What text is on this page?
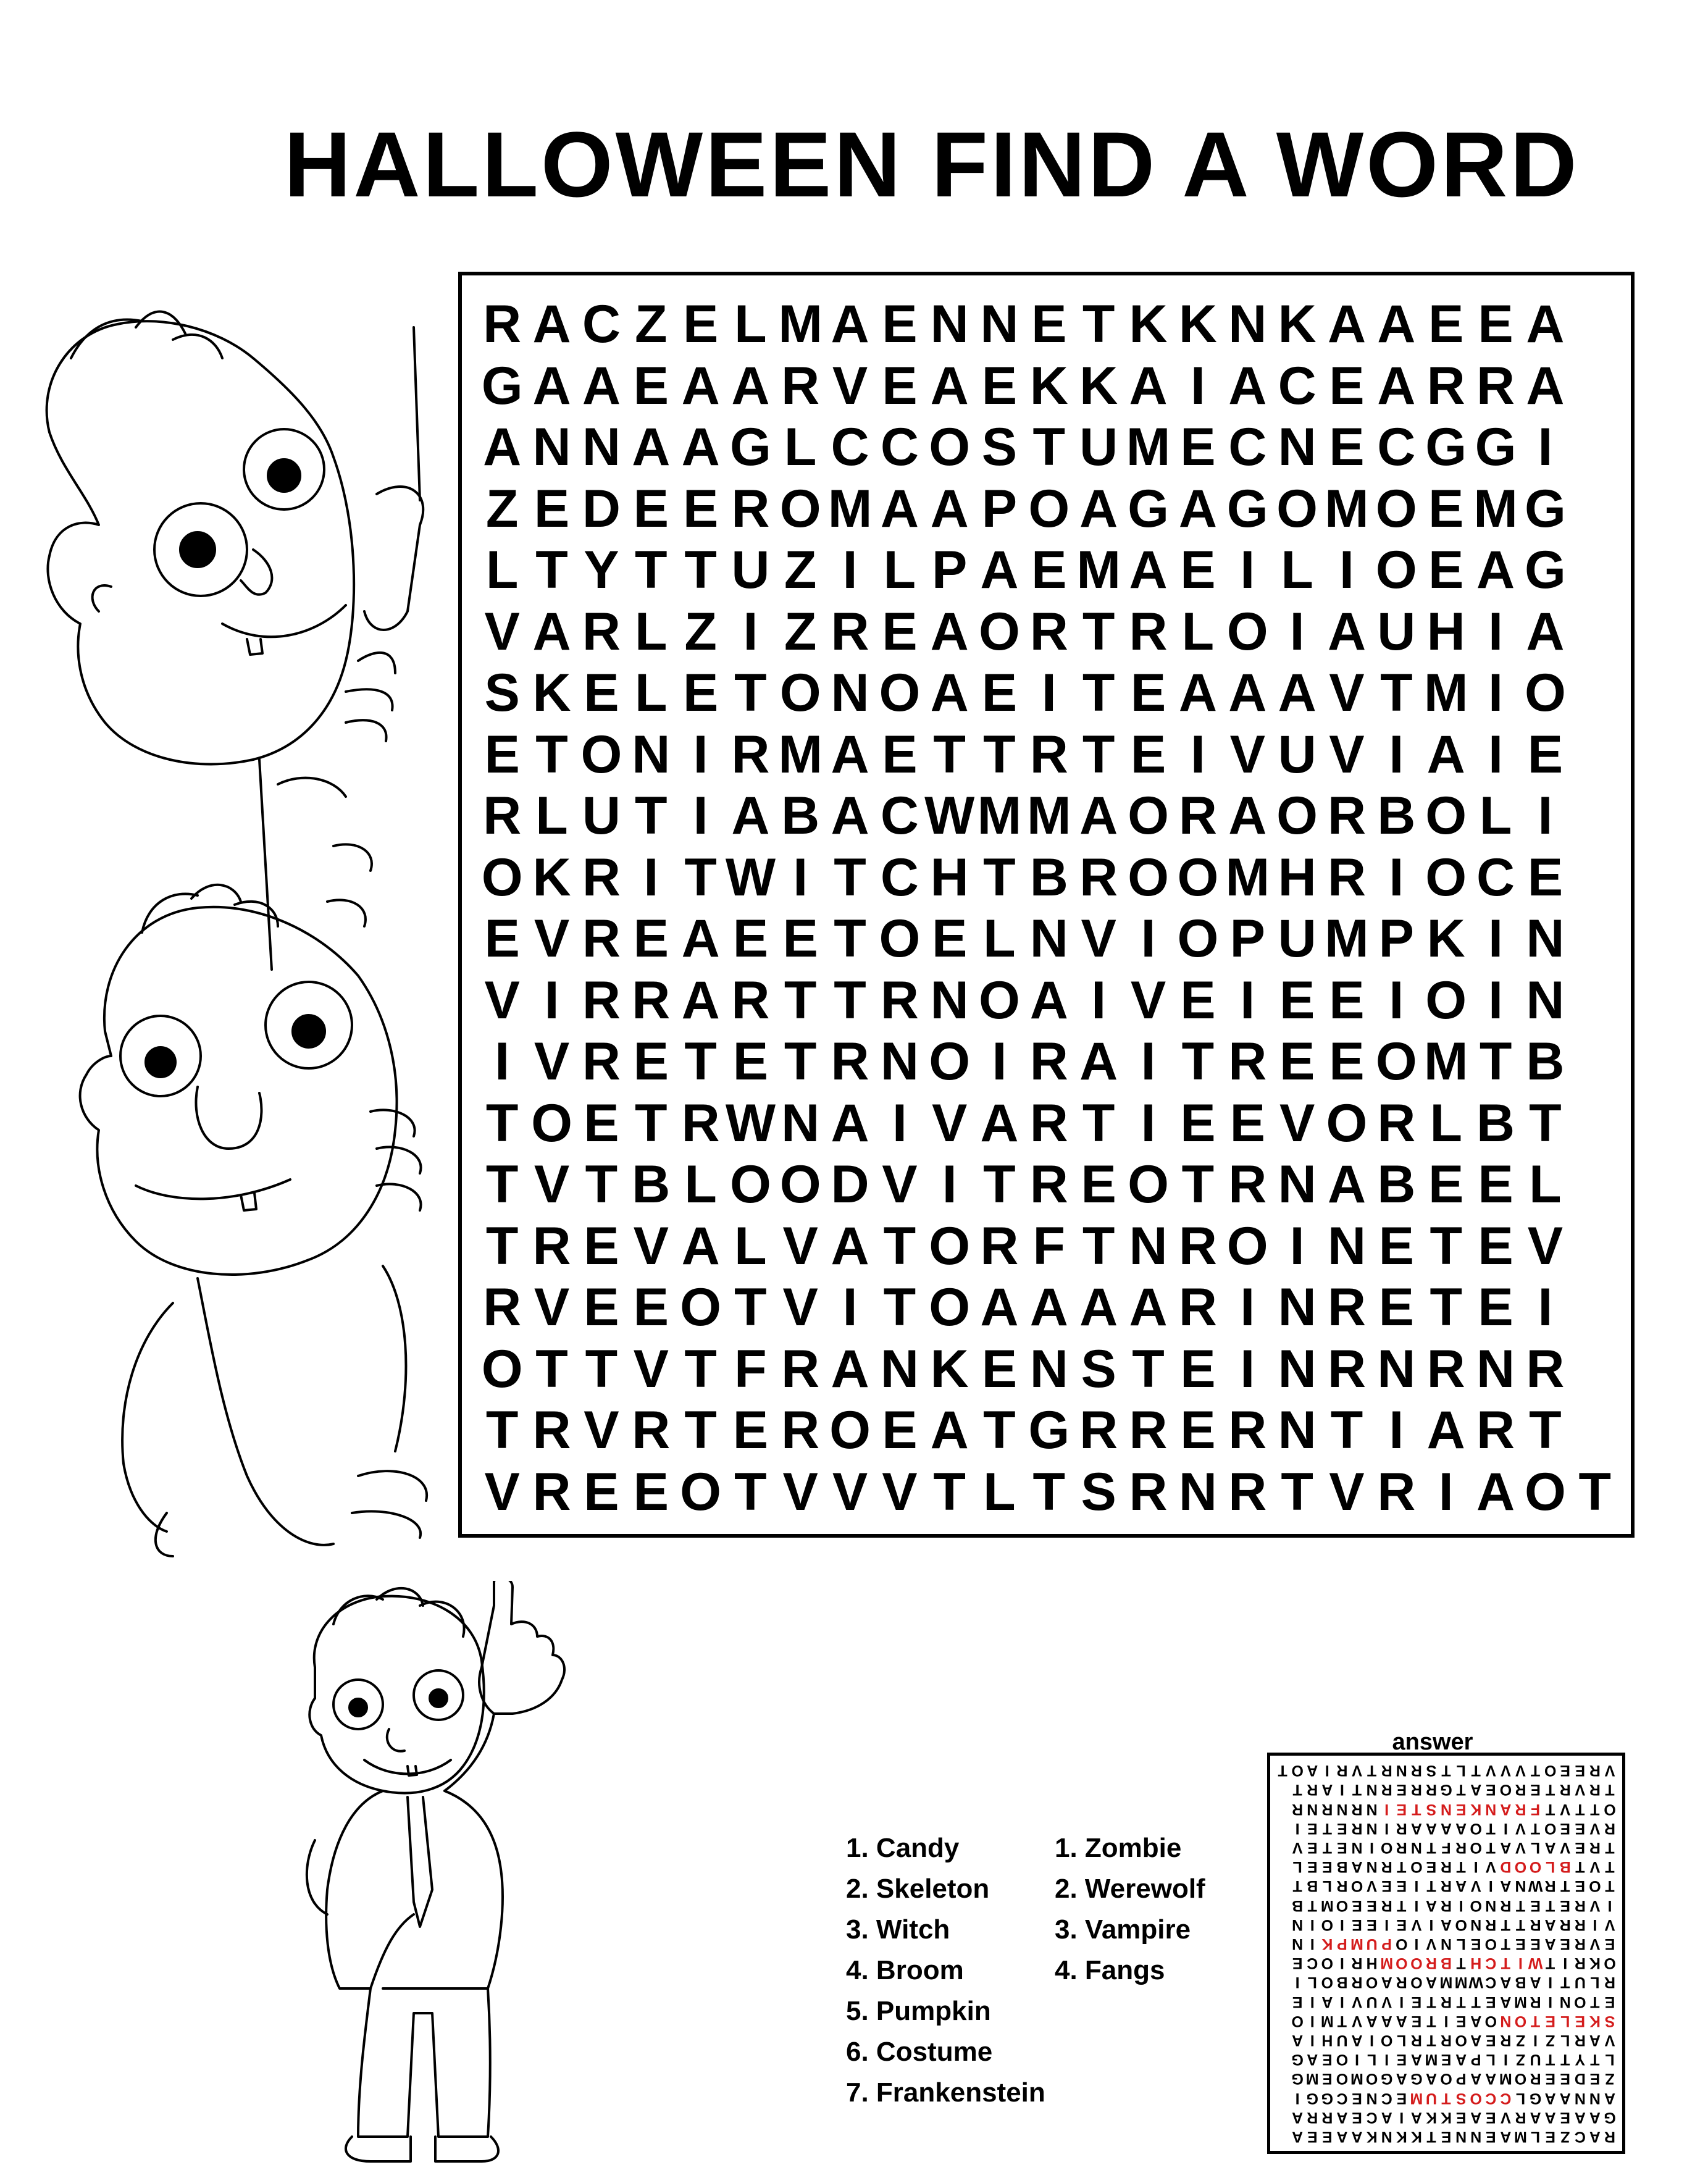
HALLOWEEN FIND A WORD
R A C Z E L M A E N N E T K K N K A A E E A
G A A E A A R V E A E K K A I A C E A R R A
A N N A A G L C C O S T U M E C N E C G G I
Z E D E E R O M A A P O A G A G O M O E M G
L T Y T T U Z I L P A E M A E I L I O E A G
V A R L Z I Z R E A O R T R L O I A U H I A
S K E L E T O N O A E I T E A A A V T M I O
E T O N I R M A E T T R T E I V U V I A I E
R L U T I A B A C W M M A O R A O R B O L I
O K R I T W I T C H T B R O O M H R I O C E
E V R E A E E T O E L N V I O P U M P K I N
V I R R A R T T R N O A I V E I E E I O I N
I V R E T E T R N O I R A I T R E E O M T B
T O E T R W N A I V A R T I E E V O R L B T
T V T B L O O D V I T R E O T R N A B E E L
T R E V A L V A T O R F T N R O I N E T E V
R V E E O T V I T O A A A A R I N R E T E I
O T T V T F R A N K E N S T E I N R N R N R
T R V R T E R O E A T G R R E R N T I A R T
V R E E O T V V V T L T S R N R T V R I A O T
1. Candy
2. Skeleton
3. Witch
4. Broom
5. Pumpkin
6. Costume
7. Frankenstein
1. Zombie
2. Werewolf
3. Vampire
4. Fangs
answer
R
A
C
Z
E
L
M
A
E
N
N
E
T
K
K
N
K
A
A
E
E
A
G
A
A
E
A
A
R
V
E
A
E
K
K
A
I
A
C
E
A
R
R
A
A
N
N
A
A
G
L
C
C
O
S
T
U
M
E
C
N
E
C
G
G
I
Z
E
D
E
E
R
O
M
A
A
P
O
A
G
A
G
O
M
O
E
M
G
L
T
Y
T
T
U
Z
I
L
P
A
E
M
A
E
I
L
I
O
E
A
G
V
A
R
L
Z
I
Z
R
E
A
O
R
T
R
L
O
I
A
U
H
I
A
S
K
E
L
E
T
O
N
O
A
E
I
T
E
A
A
A
V
T
M
I
O
E
T
O
N
I
R
M
A
E
T
T
R
T
E
I
V
U
V
I
A
I
E
R
L
U
T
I
A
B
A
C
W
M
M
A
O
R
A
O
R
B
O
L
I
O
K
R
I
T
W
I
T
C
H
T
B
R
O
O
M
H
R
I
O
C
E
E
V
R
E
A
E
E
T
O
E
L
N
V
I
O
P
U
M
P
K
I
N
V
I
R
R
A
R
T
T
R
N
O
A
I
V
E
I
E
E
I
O
I
N
I
V
R
E
T
E
T
R
N
O
I
R
A
I
T
R
E
E
O
M
T
B
T
O
E
T
R
W
N
A
I
V
A
R
T
I
E
E
V
O
R
L
B
T
T
V
T
B
L
O
O
D
V
I
T
R
E
O
T
R
N
A
B
E
E
L
T
R
E
V
A
L
V
A
T
O
R
F
T
N
R
O
I
N
E
T
E
V
R
V
E
E
O
T
V
I
T
O
A
A
A
A
R
I
N
R
E
T
E
I
O
T
T
V
T
F
R
A
N
K
E
N
S
T
E
I
N
R
N
R
N
R
T
R
V
R
T
E
R
O
E
A
T
G
R
R
E
R
N
T
I
A
R
T
V
R
E
E
O
T
V
V
V
T
L
T
S
R
N
R
T
V
R
I
A
O
T
